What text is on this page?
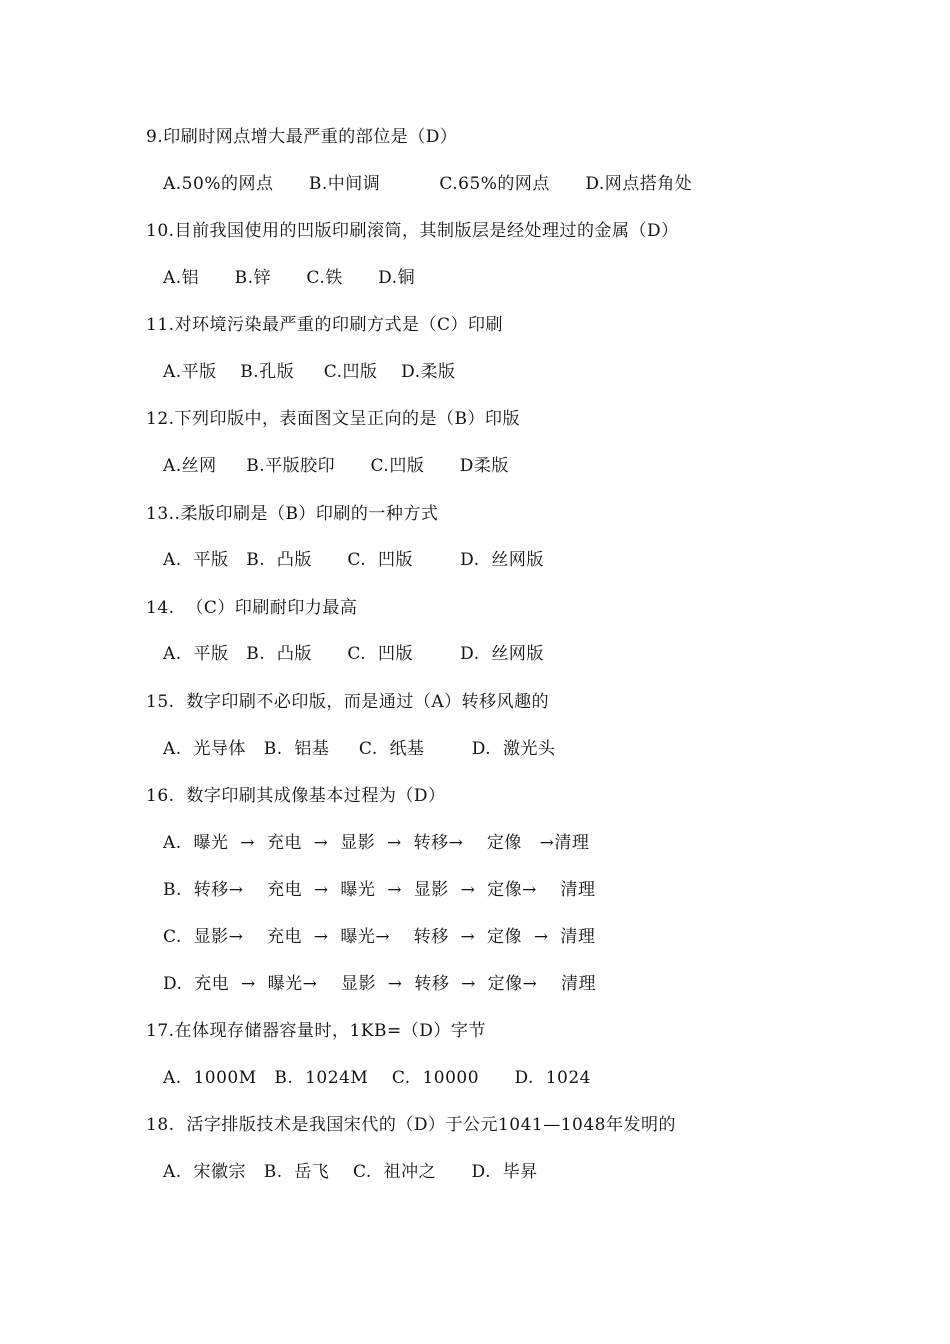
9.印刷时网点增大最严重的部位是（D）
A.50%的网点      B.中间调          C.65%的网点      D.网点搭角处
10.目前我国使用的凹版印刷滚筒，其制版层是经处理过的金属（D）
A.铝      B.锌      C.铁      D.铜
11.对环境污染最严重的印刷方式是（C）印刷
A.平版    B.孔版     C.凹版    D.柔版
12.下列印版中，表面图文呈正向的是（B）印版
A.丝网     B.平版胶印      C.凹版      D柔版
13..柔版印刷是（B）印刷的一种方式
A.  平版   B.  凸版      C.  凹版        D.  丝网版
14.  （C）印刷耐印力最高
A.  平版   B.  凸版      C.  凹版        D.  丝网版
15.  数字印刷不必印版，而是通过（A）转移风趣的
A.  光导体   B.  铝基     C.  纸基        D.  激光头
16.  数字印刷其成像基本过程为（D）
A.  曝光  →  充电  →  显影  →  转移→    定像   →清理
B.  转移→    充电  →  曝光  →  显影  →  定像→    清理
C.  显影→    充电  →  曝光→    转移  →  定像  →  清理
D.  充电  →  曝光→    显影  →  转移  →  定像→    清理
17.在体现存储器容量时，1KB=（D）字节
A.  1000M   B.  1024M    C.  10000      D.  1024
18.  活字排版技术是我国宋代的（D）于公元1041—1048年发明的
A.  宋徽宗   B.  岳飞    C.  祖冲之      D.  毕昇
